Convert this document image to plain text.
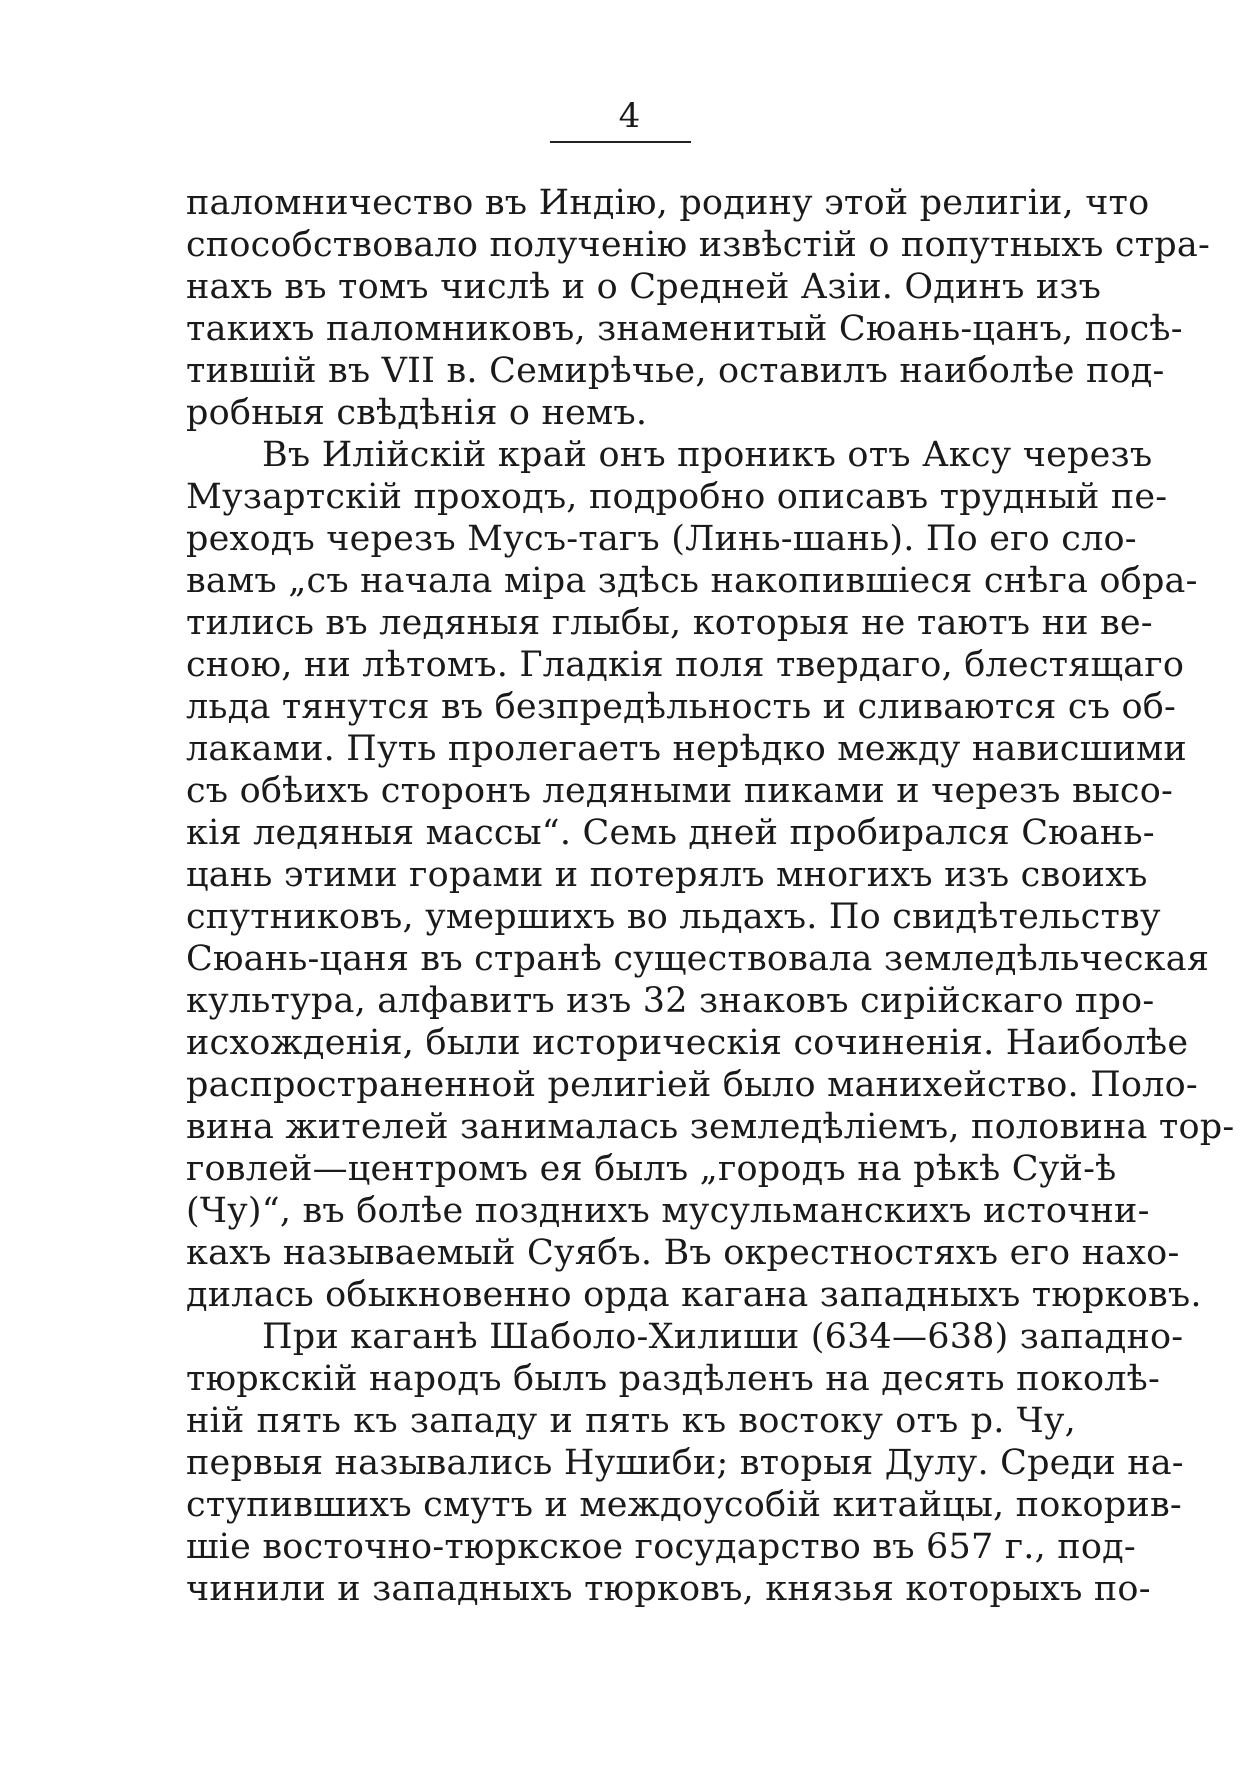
4
паломничество въ Индію, родину этой религіи, что
способствовало полученію извѣстій о попутныхъ стра-
нахъ въ томъ числѣ и о Средней Азіи. Одинъ изъ
такихъ паломниковъ, знаменитый Сюань-цанъ, посѣ-
тившій въ VII в. Семирѣчье, оставилъ наиболѣе под-
робныя свѣдѣнія о немъ.
Въ Илійскій край онъ проникъ отъ Аксу черезъ
Музартскій проходъ, подробно описавъ трудный пе-
реходъ черезъ Мусъ-тагъ (Линь-шань). По его сло-
вамъ „съ начала міра здѣсь накопившіеся снѣга обра-
тились въ ледяныя глыбы, которыя не таютъ ни ве-
сною, ни лѣтомъ. Гладкія поля твердаго, блестящаго
льда тянутся въ безпредѣльность и сливаются съ об-
лаками. Путь пролегаетъ нерѣдко между нависшими
съ обѣихъ сторонъ ледяными пиками и черезъ высо-
кія ледяныя массы“. Семь дней пробирался Сюань-
цань этими горами и потерялъ многихъ изъ своихъ
спутниковъ, умершихъ во льдахъ. По свидѣтельству
Сюань-цаня въ странѣ существовала земледѣльческая
культура, алфавитъ изъ 32 знаковъ сирійскаго про-
исхожденія, были историческія сочиненія. Наиболѣе
распространенной религіей было манихейство. Поло-
вина жителей занималась земледѣліемъ, половина тор-
говлей—центромъ ея былъ „городъ на рѣкѣ Суй-ѣ
(Чу)“, въ болѣе позднихъ мусульманскихъ источни-
кахъ называемый Суябъ. Въ окрестностяхъ его нахо-
дилась обыкновенно орда кагана западныхъ тюрковъ.
При каганѣ Шаболо-Хилиши (634—638) западно-
тюркскій народъ былъ раздѣленъ на десять поколѣ-
ній пять къ западу и пять къ востоку отъ р. Чу,
первыя назывались Нушиби; вторыя Дулу. Среди на-
ступившихъ смутъ и междоусобій китайцы, покорив-
шіе восточно-тюркское государство въ 657 г., под-
чинили и западныхъ тюрковъ, князья которыхъ по-
